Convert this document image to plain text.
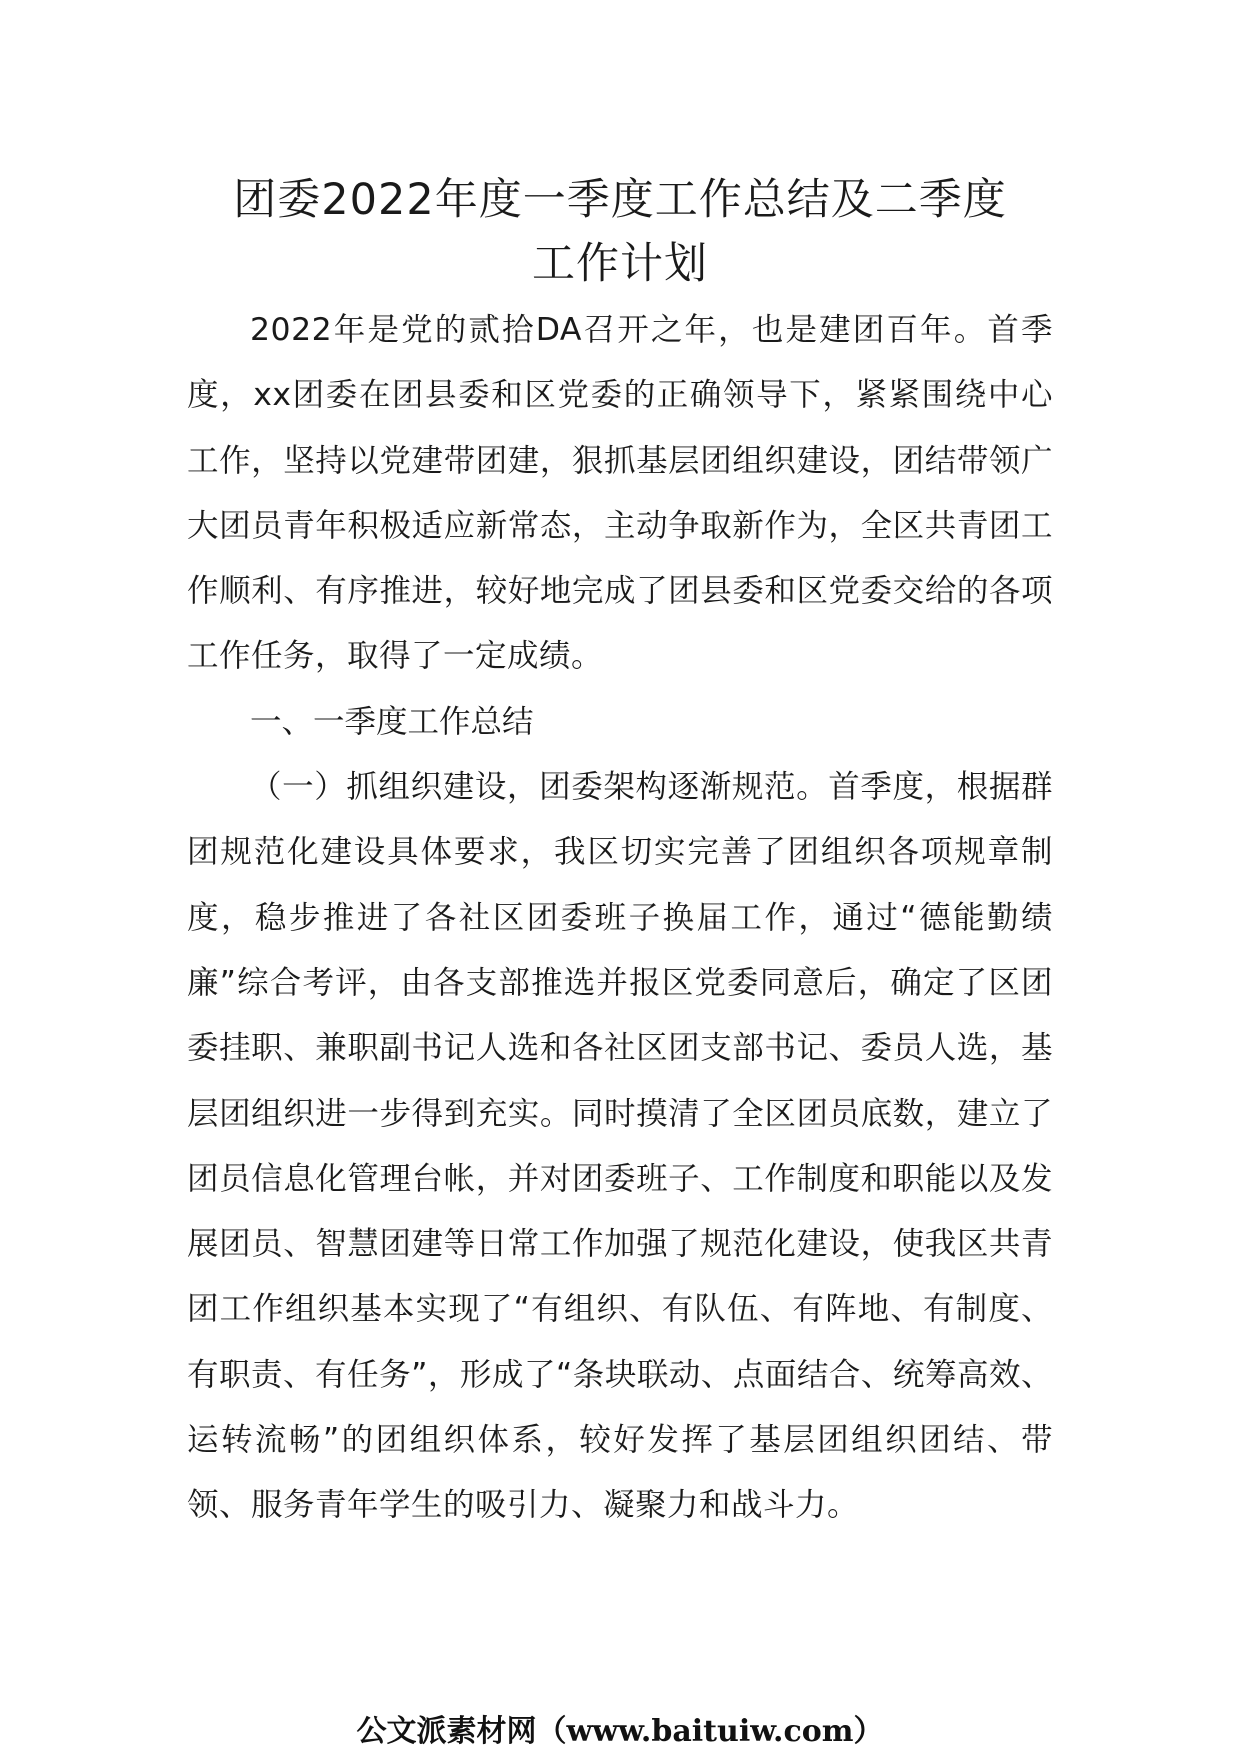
团委2022年度一季度工作总结及二季度
工作计划

2022年是党的贰拾DA召开之年，也是建团百年。首季度，xx团委在团县委和区党委的正确领导下，紧紧围绕中心工作，坚持以党建带团建，狠抓基层团组织建设，团结带领广大团员青年积极适应新常态，主动争取新作为，全区共青团工作顺利、有序推进，较好地完成了团县委和区党委交给的各项工作任务，取得了一定成绩。

一、一季度工作总结

（一）抓组织建设，团委架构逐渐规范。首季度，根据群团规范化建设具体要求，我区切实完善了团组织各项规章制度，稳步推进了各社区团委班子换届工作，通过“德能勤绩廉”综合考评，由各支部推选并报区党委同意后，确定了区团委挂职、兼职副书记人选和各社区团支部书记、委员人选，基层团组织进一步得到充实。同时摸清了全区团员底数，建立了团员信息化管理台帐，并对团委班子、工作制度和职能以及发展团员、智慧团建等日常工作加强了规范化建设，使我区共青团工作组织基本实现了“有组织、有队伍、有阵地、有制度、有职责、有任务”，形成了“条块联动、点面结合、统筹高效、运转流畅”的团组织体系，较好发挥了基层团组织团结、带领、服务青年学生的吸引力、凝聚力和战斗力。

公文派素材网（www.baituiw.com）
